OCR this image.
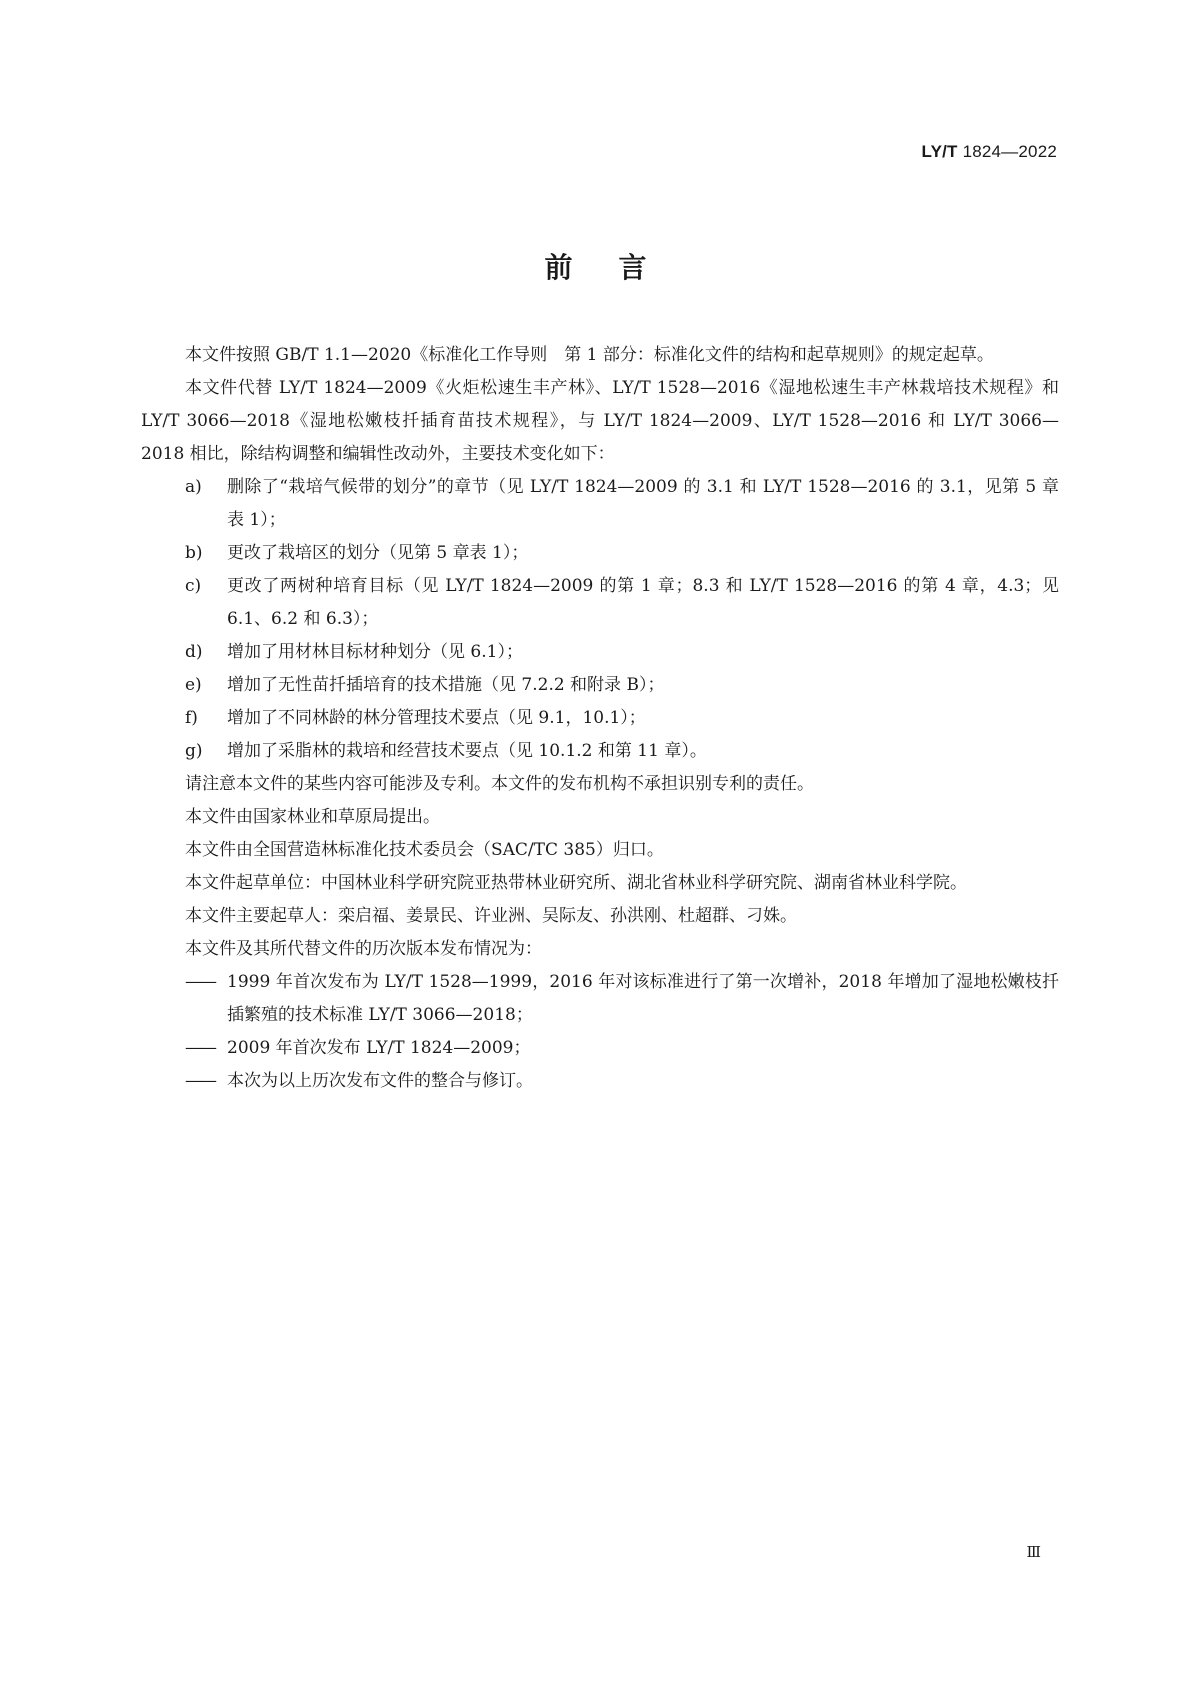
LY/T 1824—2022
前言

本文件按照 GB/T 1.1—2020《标准化工作导则　第 1 部分：标准化文件的结构和起草规则》的规定起草。

本文件代替 LY/T 1824—2009《火炬松速生丰产林》、LY/T 1528—2016《湿地松速生丰产林栽培技术规程》和 LY/T 3066—2018《湿地松嫩枝扦插育苗技术规程》，与 LY/T 1824—2009、LY/T 1528—2016 和 LY/T 3066—2018 相比，除结构调整和编辑性改动外，主要技术变化如下：

a)	删除了“栽培气候带的划分”的章节（见 LY/T 1824—2009 的 3.1 和 LY/T 1528—2016 的 3.1，见第 5 章表 1）；
b)	更改了栽培区的划分（见第 5 章表 1）；
c)	更改了两树种培育目标（见 LY/T 1824—2009 的第 1 章；8.3 和 LY/T 1528—2016 的第 4 章，4.3；见 6.1、6.2 和 6.3）；
d)	增加了用材林目标材种划分（见 6.1）；
e)	增加了无性苗扦插培育的技术措施（见 7.2.2 和附录 B）；
f)	增加了不同林龄的林分管理技术要点（见 9.1，10.1）；
g)	增加了采脂林的栽培和经营技术要点（见 10.1.2 和第 11 章）。

请注意本文件的某些内容可能涉及专利。本文件的发布机构不承担识别专利的责任。

本文件由国家林业和草原局提出。

本文件由全国营造林标准化技术委员会（SAC/TC 385）归口。

本文件起草单位：中国林业科学研究院亚热带林业研究所、湖北省林业科学研究院、湖南省林业科学院。

本文件主要起草人：栾启福、姜景民、许业洲、吴际友、孙洪刚、杜超群、刁姝。

本文件及其所代替文件的历次版本发布情况为：

—— 1999 年首次发布为 LY/T 1528—1999，2016 年对该标准进行了第一次增补，2018 年增加了湿地松嫩枝扦插繁殖的技术标准 LY/T 3066—2018；
—— 2009 年首次发布 LY/T 1824—2009；
—— 本次为以上历次发布文件的整合与修订。
Ⅲ
